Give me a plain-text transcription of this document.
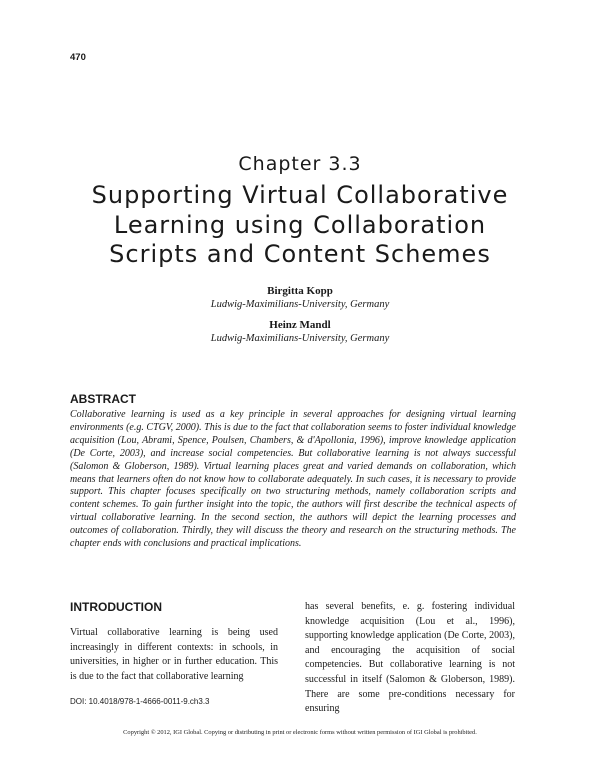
470
Chapter 3.3
Supporting Virtual Collaborative
Learning using Collaboration
Scripts and Content Schemes
Birgitta Kopp
Ludwig-Maximilians-University, Germany
Heinz Mandl
Ludwig-Maximilians-University, Germany
ABSTRACT

Collaborative learning is used as a key principle in several approaches for designing virtual learning environments (e.g. CTGV, 2000). This is due to the fact that collaboration seems to foster individual knowledge acquisition (Lou, Abrami, Spence, Poulsen, Chambers, & d'Apollonia, 1996), improve knowledge application (De Corte, 2003), and increase social competencies. But collaborative learning is not always successful (Salomon & Globerson, 1989). Virtual learning places great and varied demands on collaboration, which means that learners often do not know how to collaborate adequately. In such cases, it is necessary to provide support. This chapter focuses specifically on two structuring methods, namely collaboration scripts and content schemes. To gain further insight into the topic, the authors will first describe the technical aspects of virtual collaborative learning. In the second section, the authors will depict the learning processes and outcomes of collaboration. Thirdly, they will discuss the theory and research on the structuring methods. The chapter ends with conclusions and practical implications.

INTRODUCTION

Virtual collaborative learning is being used increasingly in different contexts: in schools, in universities, in higher or in further education. This is due to the fact that collaborative learning

has several benefits, e. g. fostering individual knowledge acquisition (Lou et al., 1996), supporting knowledge application (De Corte, 2003), and encouraging the acquisition of social competencies. But collaborative learning is not successful in itself (Salomon & Globerson, 1989). There are some pre-conditions necessary for ensuring

DOI: 10.4018/978-1-4666-0011-9.ch3.3
Copyright © 2012, IGI Global. Copying or distributing in print or electronic forms without written permission of IGI Global is prohibited.
